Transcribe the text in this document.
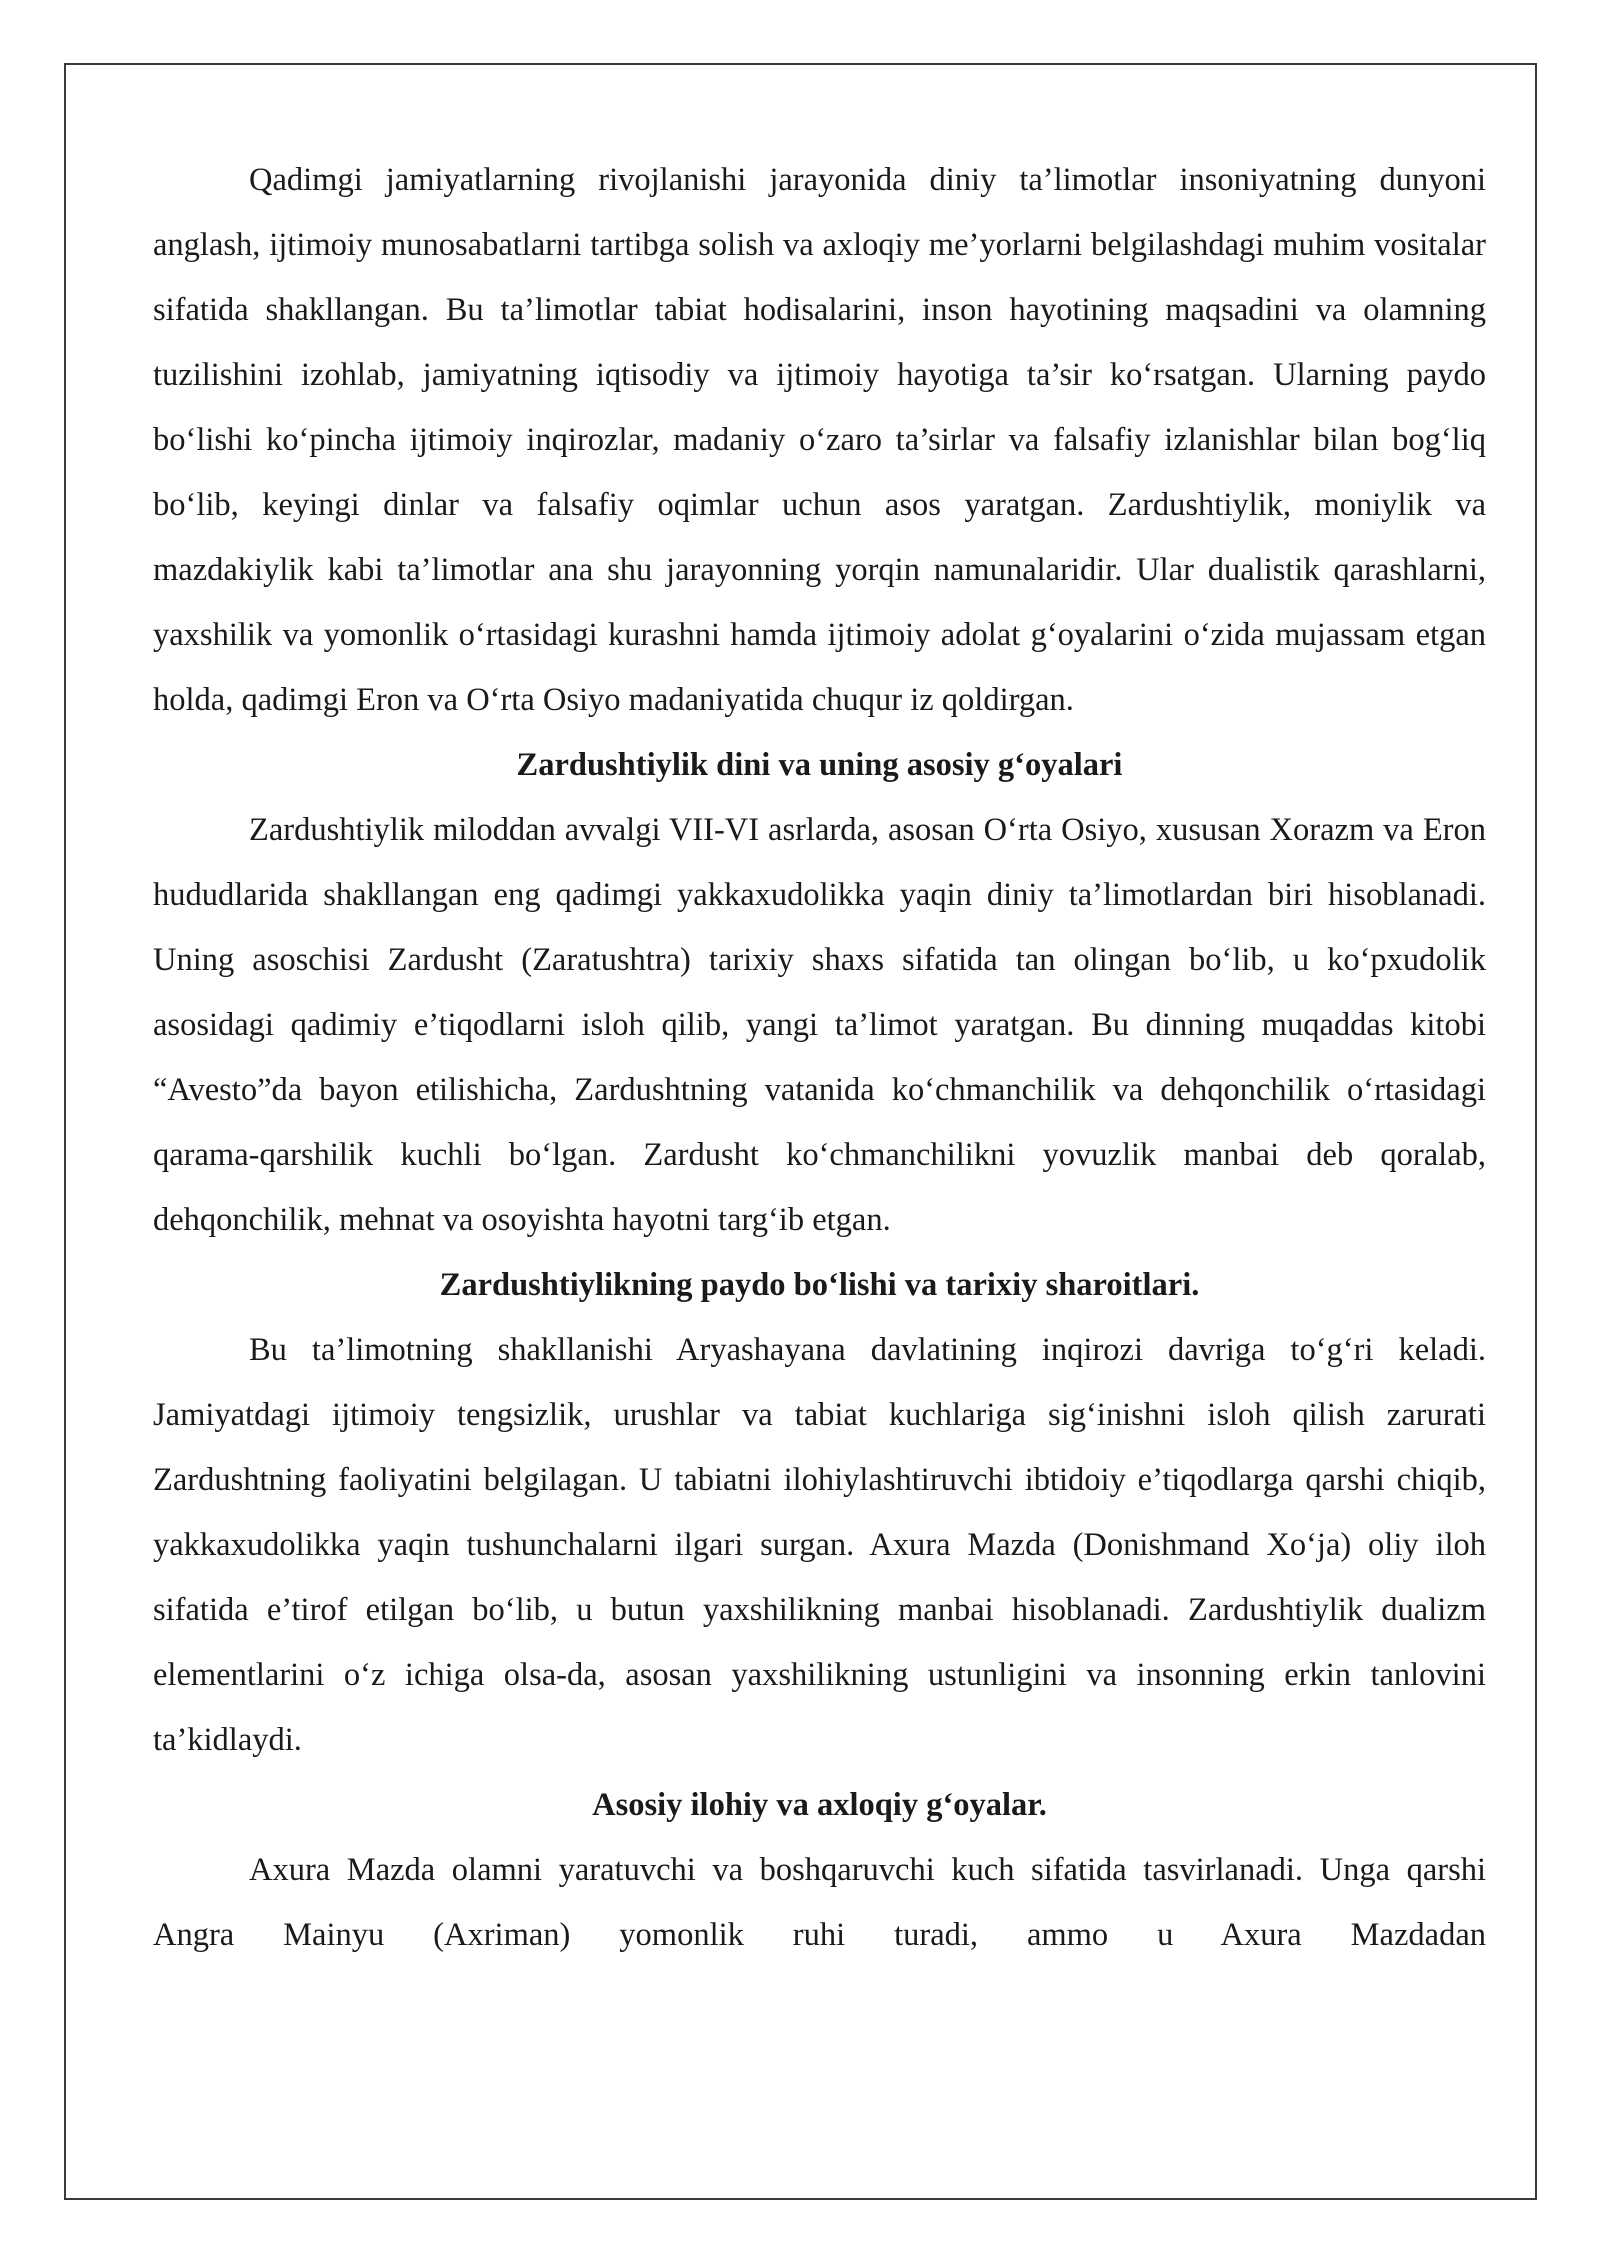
Qadimgi jamiyatlarning rivojlanishi jarayonida diniy ta’limotlar insoniyatning dunyoni anglash, ijtimoiy munosabatlarni tartibga solish va axloqiy me’yorlarni belgilashdagi muhim vositalar sifatida shakllangan. Bu ta’limotlar tabiat hodisalarini, inson hayotining maqsadini va olamning tuzilishini izohlab, jamiyatning iqtisodiy va ijtimoiy hayotiga ta’sir ko‘rsatgan. Ularning paydo bo‘lishi ko‘pincha ijtimoiy inqirozlar, madaniy o‘zaro ta’sirlar va falsafiy izlanishlar bilan bog‘liq bo‘lib, keyingi dinlar va falsafiy oqimlar uchun asos yaratgan. Zardushtiylik, moniylik va mazdakiylik kabi ta’limotlar ana shu jarayonning yorqin namunalaridir. Ular dualistik qarashlarni, yaxshilik va yomonlik o‘rtasidagi kurashni hamda ijtimoiy adolat g‘oyalarini o‘zida mujassam etgan holda, qadimgi Eron va O‘rta Osiyo madaniyatida chuqur iz qoldirgan.

Zardushtiylik dini va uning asosiy g‘oyalari

Zardushtiylik miloddan avvalgi VII-VI asrlarda, asosan O‘rta Osiyo, xususan Xorazm va Eron hududlarida shakllangan eng qadimgi yakkaxudolikka yaqin diniy ta’limotlardan biri hisoblanadi. Uning asoschisi Zardusht (Zaratushtra) tarixiy shaxs sifatida tan olingan bo‘lib, u ko‘pxudolik asosidagi qadimiy e’tiqodlarni isloh qilib, yangi ta’limot yaratgan. Bu dinning muqaddas kitobi “Avesto”da bayon etilishicha, Zardushtning vatanida ko‘chmanchilik va dehqonchilik o‘rtasidagi qarama-qarshilik kuchli bo‘lgan. Zardusht ko‘chmanchilikni yovuzlik manbai deb qoralab, dehqonchilik, mehnat va osoyishta hayotni targ‘ib etgan.

Zardushtiylikning paydo bo‘lishi va tarixiy sharoitlari.

Bu ta’limotning shakllanishi Aryashayana davlatining inqirozi davriga to‘g‘ri keladi. Jamiyatdagi ijtimoiy tengsizlik, urushlar va tabiat kuchlariga sig‘inishni isloh qilish zarurati Zardushtning faoliyatini belgilagan. U tabiatni ilohiylashtiruvchi ibtidoiy e’tiqodlarga qarshi chiqib, yakkaxudolikka yaqin tushunchalarni ilgari surgan. Axura Mazda (Donishmand Xo‘ja) oliy iloh sifatida e’tirof etilgan bo‘lib, u butun yaxshilikning manbai hisoblanadi. Zardushtiylik dualizm elementlarini o‘z ichiga olsa-da, asosan yaxshilikning ustunligini va insonning erkin tanlovini ta’kidlaydi.

Asosiy ilohiy va axloqiy g‘oyalar.

Axura Mazda olamni yaratuvchi va boshqaruvchi kuch sifatida tasvirlanadi. Unga qarshi Angra Mainyu (Axriman) yomonlik ruhi turadi, ammo u Axura Mazdadan
